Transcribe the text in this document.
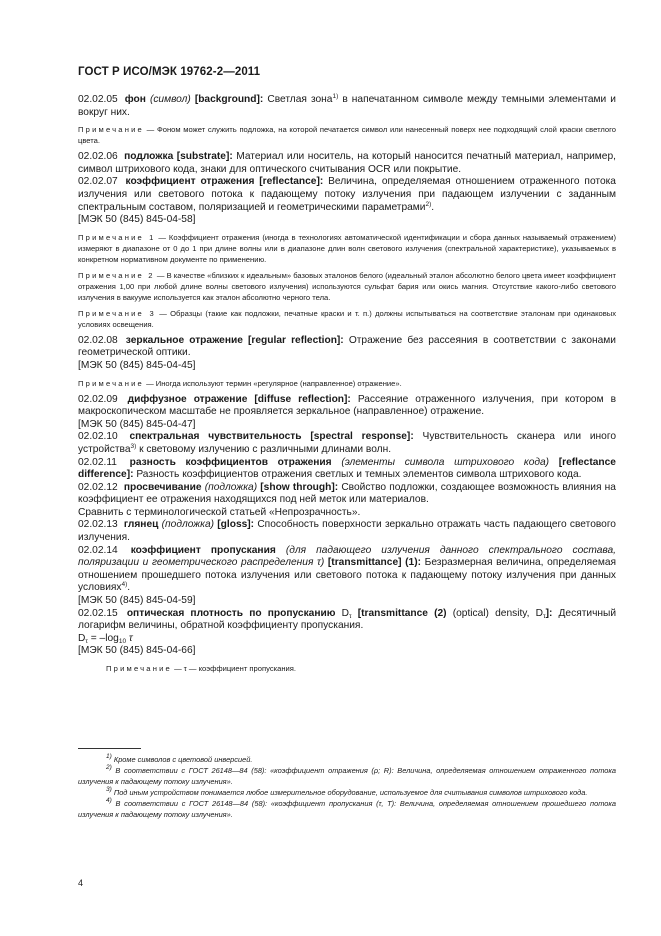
ГОСТ Р ИСО/МЭК 19762-2—2011

02.02.05 фон (символ) [background]: Светлая зона$^{1)}$ в напечатанном символе между темными элементами и вокруг них.

Примечание — Фоном может служить подложка, на которой печатается символ или нанесенный поверх нее подходящий слой краски светлого цвета.

02.02.06 подложка [substrate]: Материал или носитель, на который наносится печатный материал, например, символ штрихового кода, знаки для оптического считывания OCR или покрытие.

02.02.07 коэффициент отражения [reflectance]: Величина, определяемая отношением отраженного потока излучения или светового потока к падающему потоку излучения при падающем излучении с заданным спектральным составом, поляризацией и геометрическими параметрами$^{2)}$.

[МЭК 50 (845) 845-04-58]

Примечание 1 — Коэффициент отражения (иногда в технологиях автоматической идентификации и сбора данных называемый отражением) измеряют в диапазоне от 0 до 1 при длине волны или в диапазоне длин волн светового излучения (спектральной характеристике), указываемых в конкретном нормативном документе по применению.

Примечание 2 — В качестве «близких к идеальным» базовых эталонов белого (идеальный эталон абсолютно белого цвета имеет коэффициент отражения 1,00 при любой длине волны светового излучения) используются сульфат бария или окись магния. Отсутствие какого-либо светового излучения в вакууме используется как эталон абсолютно черного тела.

Примечание 3 — Образцы (такие как подложки, печатные краски и т. п.) должны испытываться на соответствие эталонам при одинаковых условиях освещения.

02.02.08 зеркальное отражение [regular reflection]: Отражение без рассеяния в соответствии с законами геометрической оптики.

[МЭК 50 (845) 845-04-45]

Примечание — Иногда используют термин «регулярное (направленное) отражение».

02.02.09 диффузное отражение [diffuse reflection]: Рассеяние отраженного излучения, при котором в макроскопическом масштабе не проявляется зеркальное (направленное) отражение.

[МЭК 50 (845) 845-04-47]

02.02.10 спектральная чувствительность [spectral response]: Чувствительность сканера или иного устройства$^{3)}$ к световому излучению с различными длинами волн.

02.02.11 разность коэффициентов отражения (элементы символа штрихового кода) [reflectance difference]: Разность коэффициентов отражения светлых и темных элементов символа штрихового кода.

02.02.12 просвечивание (подложка) [show through]: Свойство подложки, создающее возможность влияния на коэффициент ее отражения находящихся под ней меток или материалов.

Сравнить с терминологической статьей «Непрозрачность».

02.02.13 глянец (подложка) [gloss]: Способность поверхности зеркально отражать часть падающего светового излучения.

02.02.14 коэффициент пропускания (для падающего излучения данного спектрального состава, поляризации и геометрического распределения τ) [transmittance] (1): Безразмерная величина, определяемая отношением прошедшего потока излучения или светового потока к падающему потоку излучения при данных условиях$^{4)}$.

[МЭК 50 (845) 845-04-59]

02.02.15 оптическая плотность по пропусканию $D_\tau$ [transmittance (2) (optical) density, $D_\tau$]: Десятичный логарифм величины, обратной коэффициенту пропускания.

$D_\tau = -\log_{10}$ τ

[МЭК 50 (845) 845-04-66]

Примечание — τ — коэффициент пропускания.

$^{1)}$ Кроме символов с цветовой инверсией.

$^{2)}$ В соответствии с ГОСТ 26148—84 (58): «коэффициент отражения (ρ; R): Величина, определяемая отношением отраженного потока излучения к падающему потоку излучения».

$^{3)}$ Под иным устройством понимается любое измерительное оборудование, используемое для считывания символов штрихового кода.

$^{4)}$ В соответствии с ГОСТ 26148—84 (58): «коэффициент пропускания (τ, T): Величина, определяемая отношением прошедшего потока излучения к падающему потоку излучения».

4
